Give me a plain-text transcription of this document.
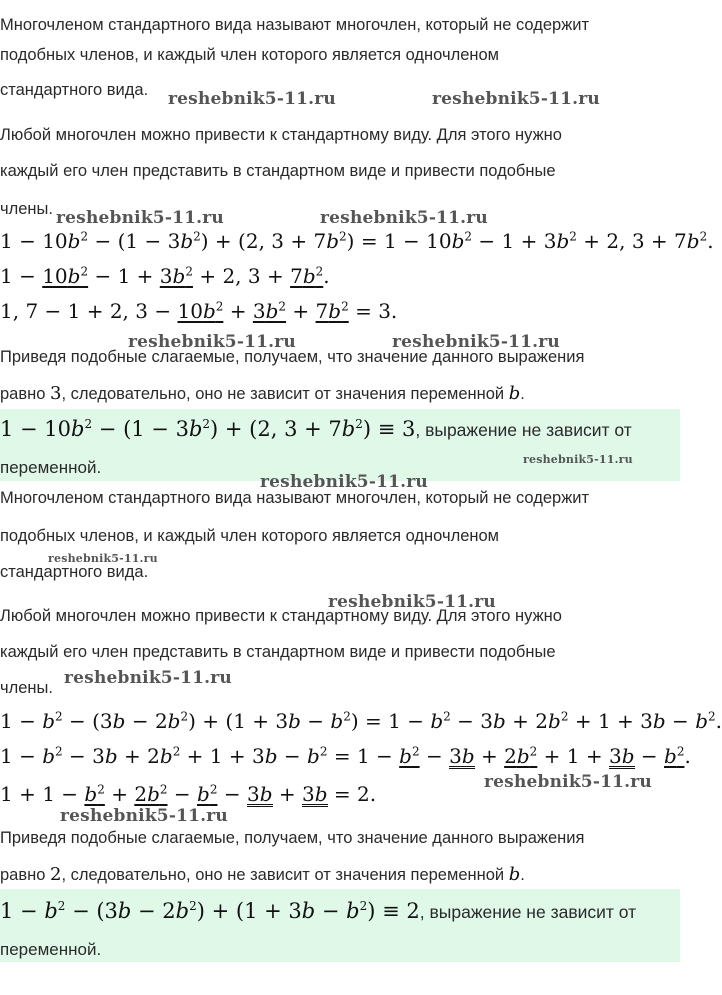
Многочленом стандартного вида называют многочлен, который не содержит
подобных членов, и каждый член которого является одночленом
стандартного вида.
Любой многочлен можно привести к стандартному виду. Для этого нужно
каждый его член представить в стандартном виде и привести подобные
члены.
$1 - 10b^2 - (1 - 3b^2) + (2$, $3 + 7b^2) = 1 - 10b^2 - 1 + 3b^2 + 2$, $3 + 7b^2$.
$1 - 10b^2 - 1 + 3b^2 + 2$, $3 + 7b^2$.
1, 7 − 1 + 2, $3 - 10b^2 + 3b^2 + 7b^2 = 3$.
Приведя подобные слагаемые, получаем, что значение данного выражения
равно 3, следовательно, оно не зависит от значения переменной b.
$1 - 10b^2 - (1 - 3b^2) + (2$, $3 + 7b^2) \equiv 3$, выражение не зависит от
переменной.
Многочленом стандартного вида называют многочлен, который не содержит
подобных членов, и каждый член которого является одночленом
стандартного вида.
Любой многочлен можно привести к стандартному виду. Для этого нужно
каждый его член представить в стандартном виде и привести подобные
члены.
$1 - b^2 - (3b - 2b^2) + (1 + 3b - b^2) = 1 - b^2 - 3b + 2b^2 + 1 + 3b - b^2$.
$1 - b^2 - 3b + 2b^2 + 1 + 3b - b^2 = 1 - b^2 - 3b + 2b^2 + 1 + 3b - b^2$.
$1 + 1 - b^2 + 2b^2 - b^2 - 3b + 3b = 2$.
Приведя подобные слагаемые, получаем, что значение данного выражения
равно 2, следовательно, оно не зависит от значения переменной b.
$1 - b^2 - (3b - 2b^2) + (1 + 3b - b^2) \equiv 2$, выражение не зависит от
переменной.
reshebnik5-11.ru	reshebnik5-11.ru
reshebnik5-11.ru	reshebnik5-11.ru
reshebnik5-11.ru	reshebnik5-11.ru
reshebnik5-11.ru
reshebnik5-11.ru
reshebnik5-11.ru
reshebnik5-11.ru
reshebnik5-11.ru
reshebnik5-11.ru
reshebnik5-11.ru
